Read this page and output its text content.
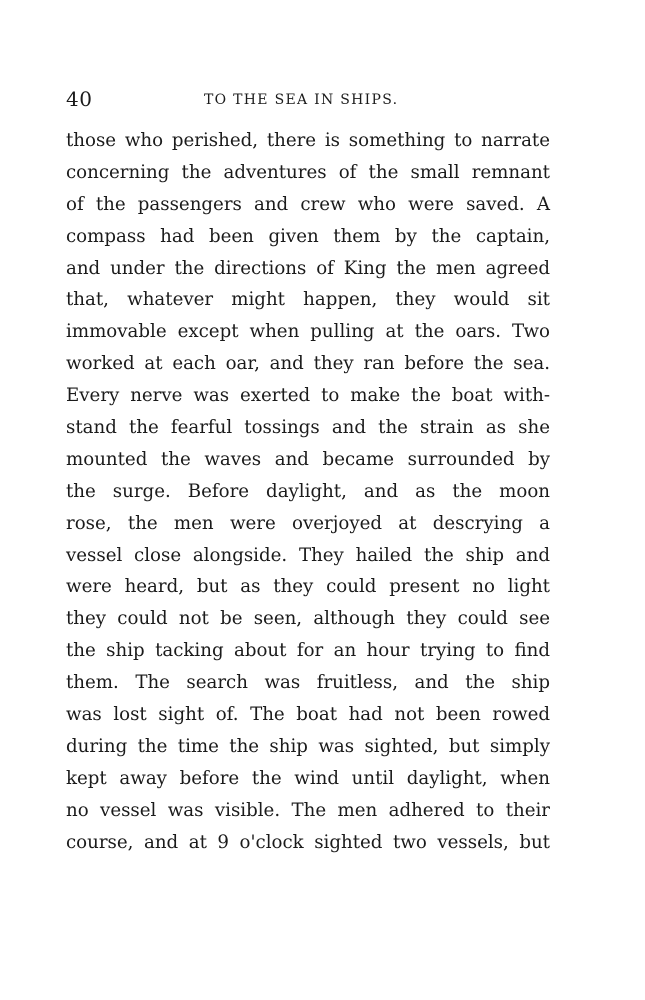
40	TO THE SEA IN SHIPS.
those who perished, there is something to narrate
concerning the adventures of the small remnant
of the passengers and crew who were saved. A
compass had been given them by the captain,
and under the directions of King the men agreed
that, whatever might happen, they would sit
immovable except when pulling at the oars. Two
worked at each oar, and they ran before the sea.
Every nerve was exerted to make the boat with-
stand the fearful tossings and the strain as she
mounted the waves and became surrounded by
the surge. Before daylight, and as the moon
rose, the men were overjoyed at descrying a
vessel close alongside. They hailed the ship and
were heard, but as they could present no light
they could not be seen, although they could see
the ship tacking about for an hour trying to find
them. The search was fruitless, and the ship
was lost sight of. The boat had not been rowed
during the time the ship was sighted, but simply
kept away before the wind until daylight, when
no vessel was visible. The men adhered to their
course, and at 9 o'clock sighted two vessels, but
